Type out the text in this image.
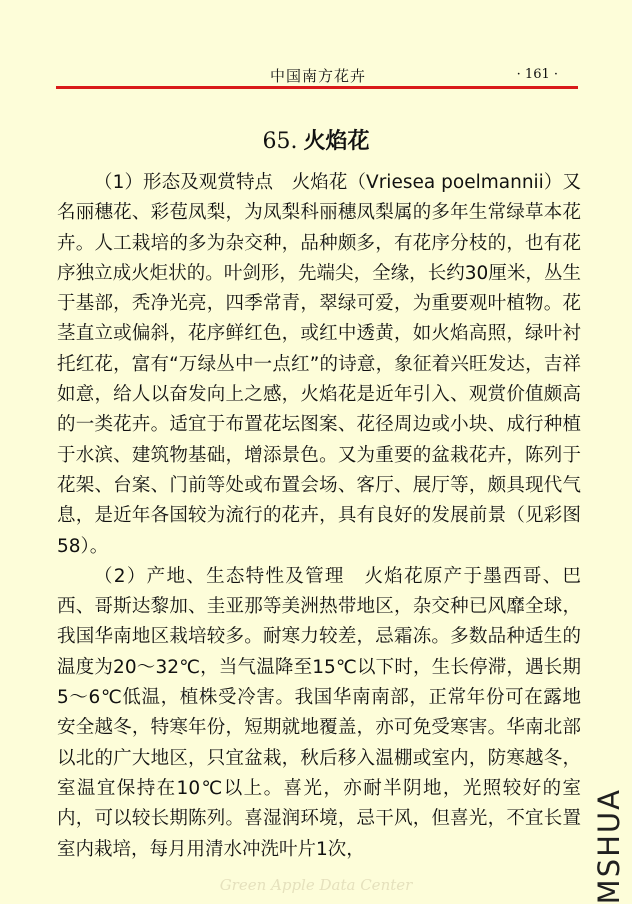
中国南方花卉	· 161 ·
65. 火焰花

（1）形态及观赏特点　火焰花（Vriesea poelmannii）又名丽穗花、彩苞凤梨，为凤梨科丽穗凤梨属的多年生常绿草本花卉。人工栽培的多为杂交种，品种颇多，有花序分枝的，也有花序独立成火炬状的。叶剑形，先端尖，全缘，长约30厘米，丛生于基部，秃净光亮，四季常青，翠绿可爱，为重要观叶植物。花茎直立或偏斜，花序鲜红色，或红中透黄，如火焰高照，绿叶衬托红花，富有“万绿丛中一点红”的诗意，象征着兴旺发达，吉祥如意，给人以奋发向上之感，火焰花是近年引入、观赏价值颇高的一类花卉。适宜于布置花坛图案、花径周边或小块、成行种植于水滨、建筑物基础，增添景色。又为重要的盆栽花卉，陈列于花架、台案、门前等处或布置会场、客厅、展厅等，颇具现代气息，是近年各国较为流行的花卉，具有良好的发展前景（见彩图58）。

（2）产地、生态特性及管理　火焰花原产于墨西哥、巴西、哥斯达黎加、圭亚那等美洲热带地区，杂交种已风靡全球，我国华南地区栽培较多。耐寒力较差，忌霜冻。多数品种适生的温度为20～32℃，当气温降至15℃以下时，生长停滞，遇长期5～6℃低温，植株受冷害。我国华南南部，正常年份可在露地安全越冬，特寒年份，短期就地覆盖，亦可免受寒害。华南北部以北的广大地区，只宜盆栽，秋后移入温棚或室内，防寒越冬，室温宜保持在10℃以上。喜光，亦耐半阴地，光照较好的室内，可以较长期陈列。喜湿润环境，忌干风，但喜光，不宜长置室内栽培，每月用清水冲洗叶片1次，

Green Apple Data Center	MSHUA
